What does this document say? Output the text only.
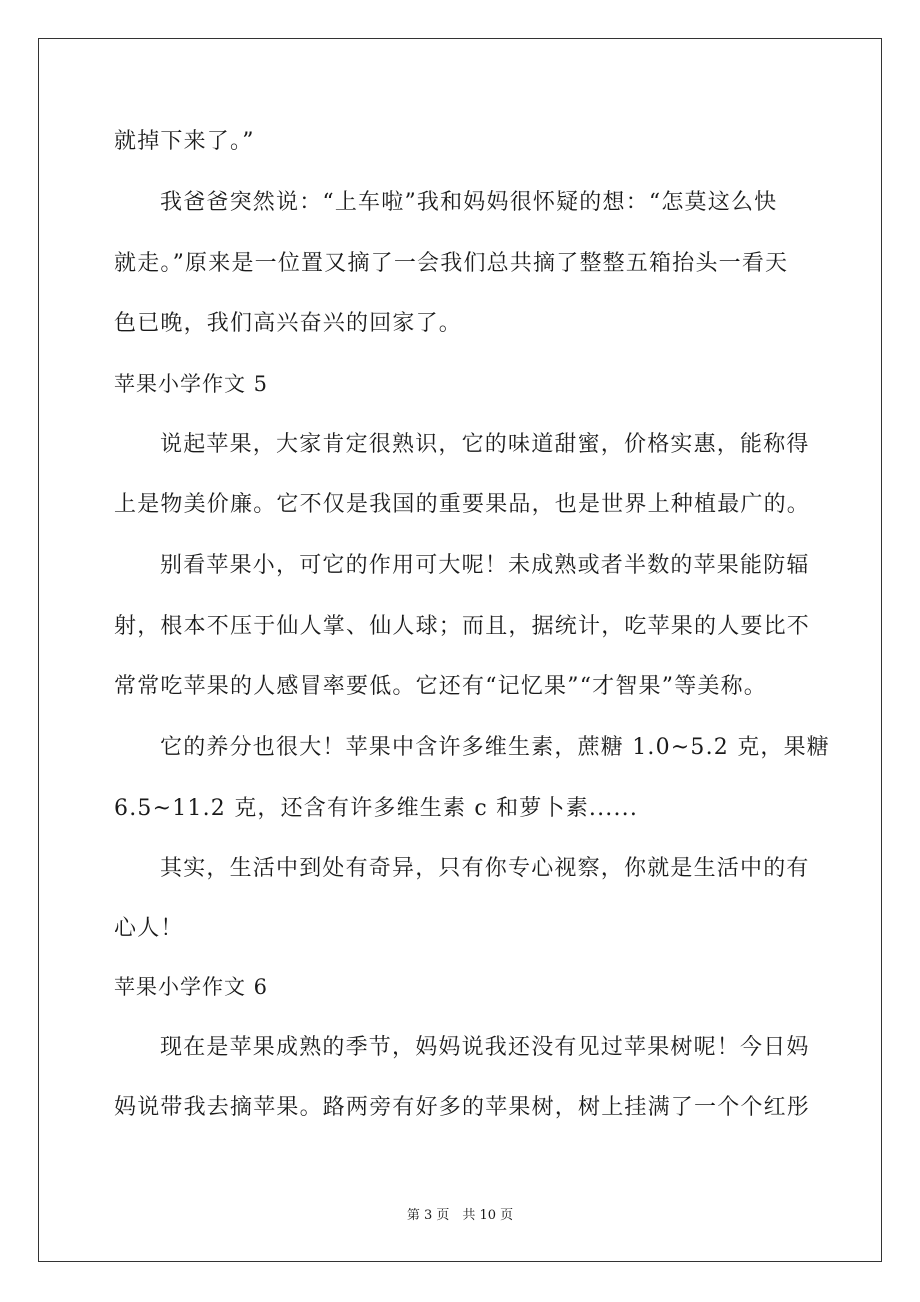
就掉下来了。”
我爸爸突然说：“上车啦”我和妈妈很怀疑的想：“怎莫这么快
就走。”原来是一位置又摘了一会我们总共摘了整整五箱抬头一看天
色已晚，我们高兴奋兴的回家了。
苹果小学作文 5
说起苹果，大家肯定很熟识，它的味道甜蜜，价格实惠，能称得
上是物美价廉。它不仅是我国的重要果品，也是世界上种植最广的。
别看苹果小，可它的作用可大呢！未成熟或者半数的苹果能防辐
射，根本不压于仙人掌、仙人球；而且，据统计，吃苹果的人要比不
常常吃苹果的人感冒率要低。它还有“记忆果”“才智果”等美称。
它的养分也很大！苹果中含许多维生素，蔗糖 1.0~5.2 克，果糖
6.5~11.2 克，还含有许多维生素 c 和萝卜素......
其实，生活中到处有奇异，只有你专心视察，你就是生活中的有
心人！
苹果小学作文 6
现在是苹果成熟的季节，妈妈说我还没有见过苹果树呢！今日妈
妈说带我去摘苹果。路两旁有好多的苹果树，树上挂满了一个个红彤
第 3 页　共 10 页
